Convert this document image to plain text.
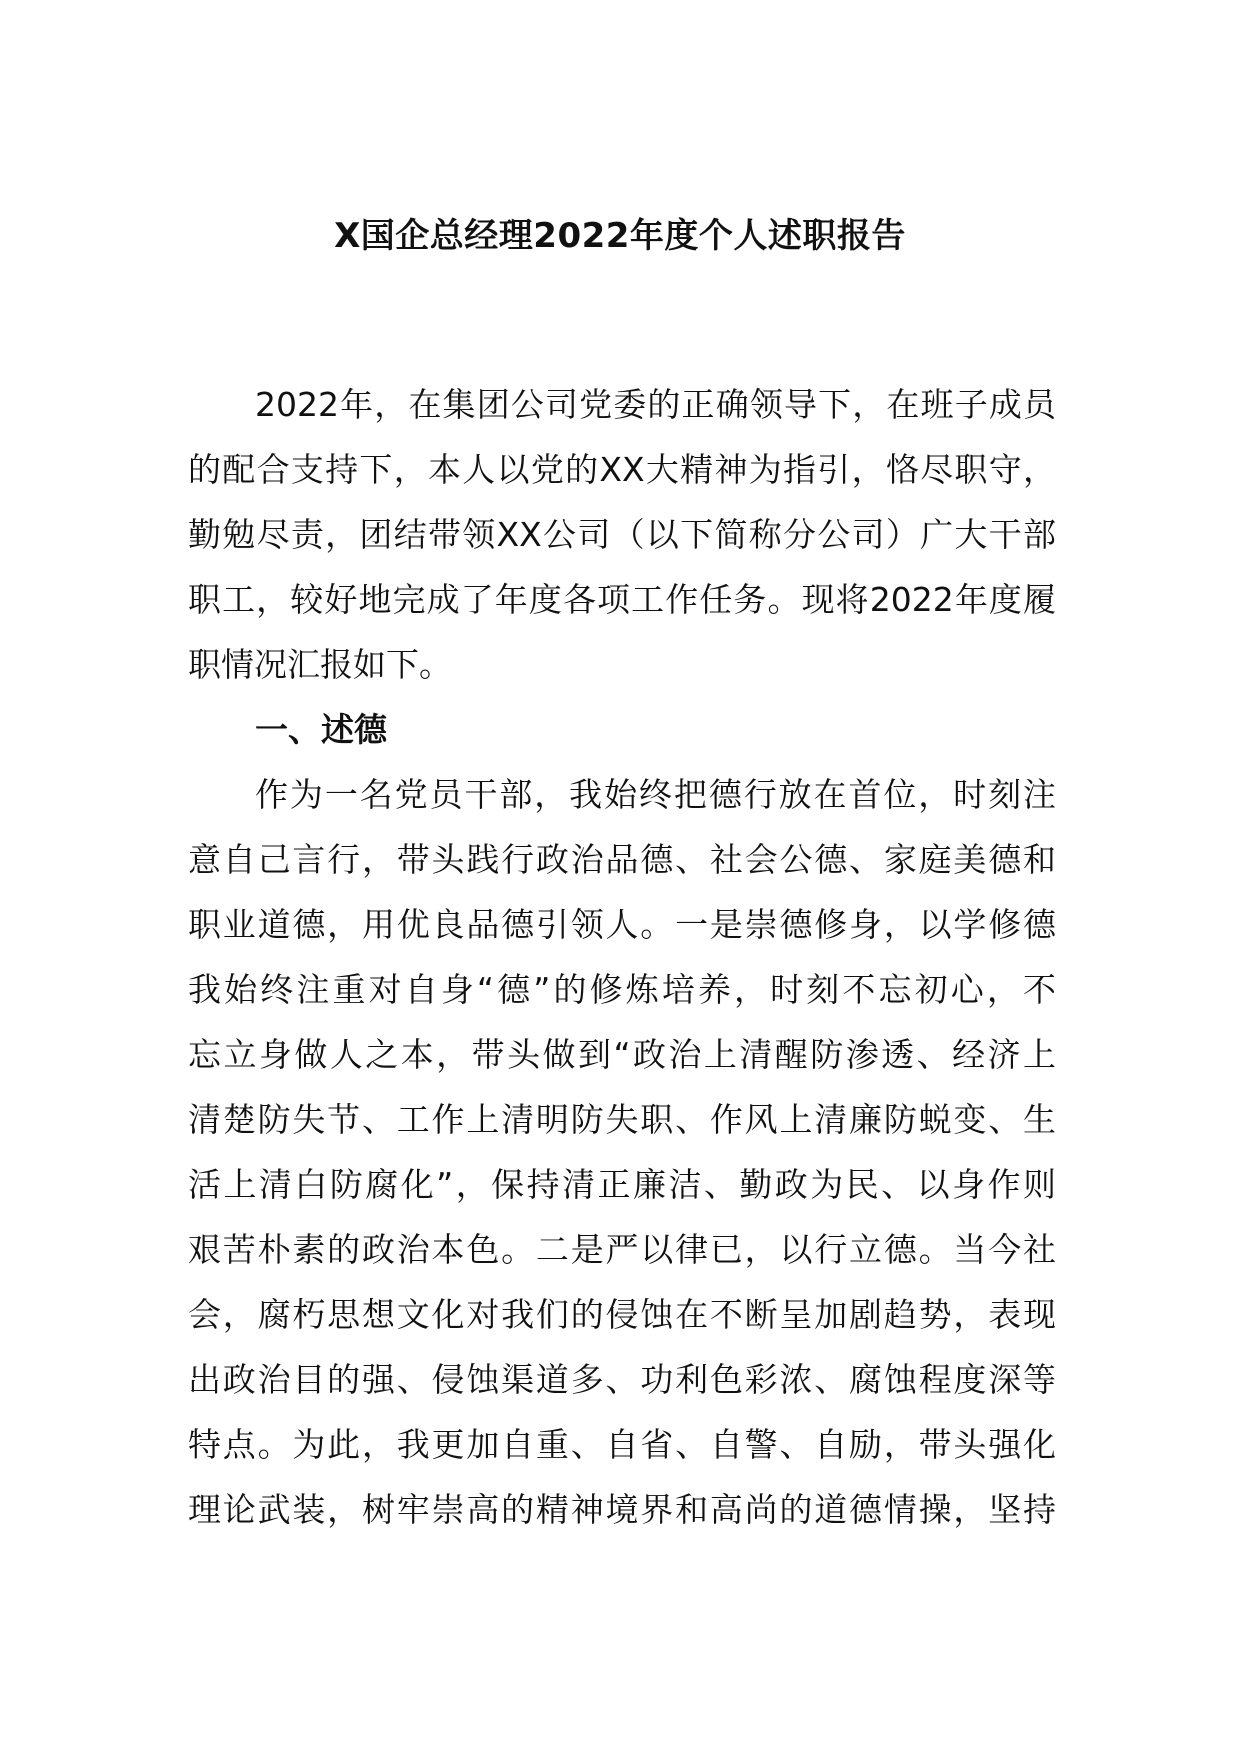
X国企总经理2022年度个人述职报告
2022年，在集团公司党委的正确领导下，在班子成员
的配合支持下，本人以党的XX大精神为指引，恪尽职守，
勤勉尽责，团结带领XX公司（以下简称分公司）广大干部
职工，较好地完成了年度各项工作任务。现将2022年度履
职情况汇报如下。
一、述德
作为一名党员干部，我始终把德行放在首位，时刻注
意自己言行，带头践行政治品德、社会公德、家庭美德和
职业道德，用优良品德引领人。一是崇德修身，以学修德
我始终注重对自身“德”的修炼培养，时刻不忘初心，不
忘立身做人之本，带头做到“政治上清醒防渗透、经济上
清楚防失节、工作上清明防失职、作风上清廉防蜕变、生
活上清白防腐化”，保持清正廉洁、勤政为民、以身作则
艰苦朴素的政治本色。二是严以律已，以行立德。当今社
会，腐朽思想文化对我们的侵蚀在不断呈加剧趋势，表现
出政治目的强、侵蚀渠道多、功利色彩浓、腐蚀程度深等
特点。为此，我更加自重、自省、自警、自励，带头强化
理论武装，树牢崇高的精神境界和高尚的道德情操，坚持
